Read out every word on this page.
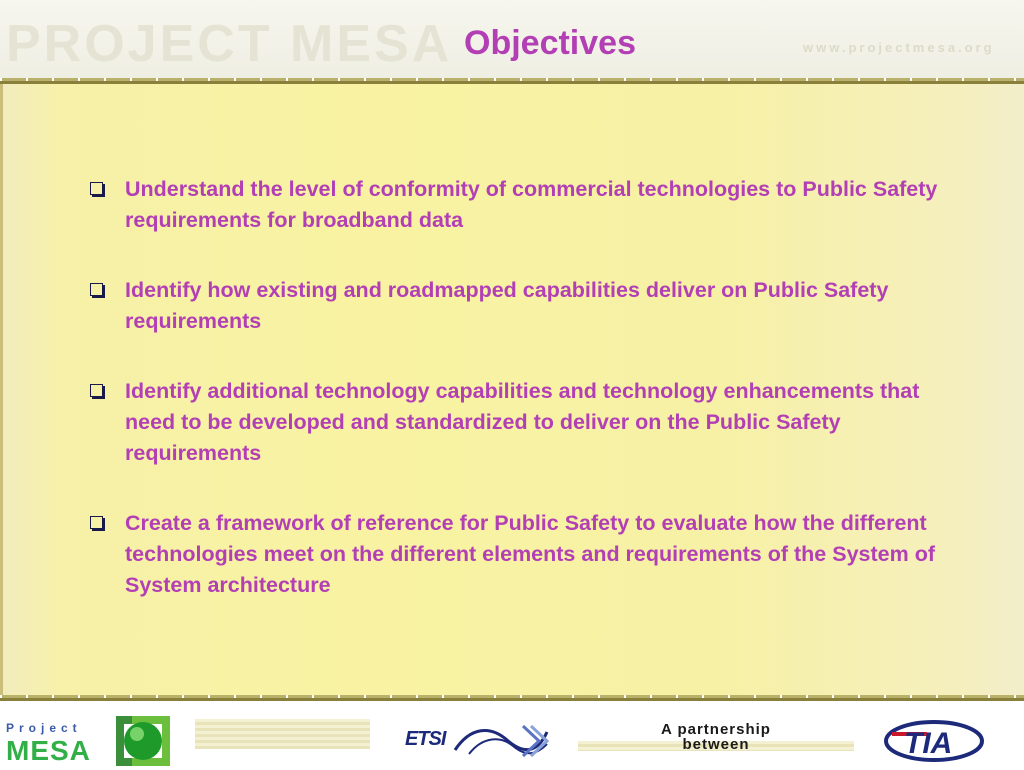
PROJECT MESA	www.projectmesa.org
Objectives
Understand the level of conformity of commercial technologies to Public Safety requirements for broadband data
Identify how existing and roadmapped capabilities deliver on Public Safety requirements
Identify additional technology capabilities and technology enhancements that need to be developed and standardized to deliver on the Public Safety requirements
Create a framework of reference for Public Safety to evaluate how the different technologies meet on the different elements and requirements of the System of System architecture
Project
MESA	ETSI	A partnership
between	TIA
